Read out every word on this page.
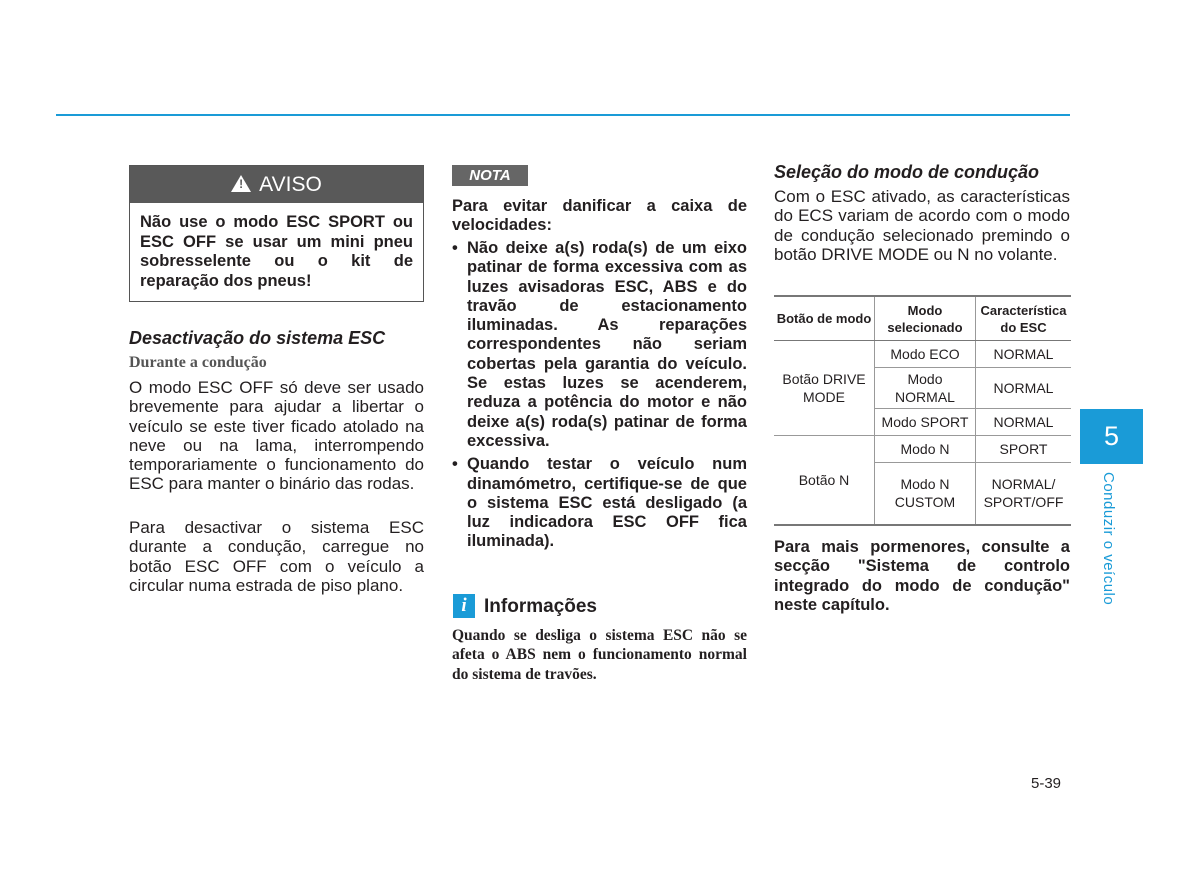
! AVISO
Não use o modo ESC SPORT ou ESC OFF se usar um mini pneu sobresselente ou o kit de reparação dos pneus!
Desactivação do sistema ESC
Durante a condução

O modo ESC OFF só deve ser usado brevemente para ajudar a libertar o veículo se este tiver ficado atolado na neve ou na lama, interrompendo temporariamente o funcionamento do ESC para manter o binário das rodas.

Para desactivar o sistema ESC durante a condução, carregue no botão ESC OFF com o veículo a circular numa estrada de piso plano.

NOTA

Para evitar danificar a caixa de velocidades:

• Não deixe a(s) roda(s) de um eixo patinar de forma excessiva com as luzes avisadoras ESC, ABS e do travão de estacionamento iluminadas. As reparações correspondentes não seriam cobertas pela garantia do veículo. Se estas luzes se acenderem, reduza a potência do motor e não deixe a(s) roda(s) patinar de forma excessiva.
• Quando testar o veículo num dinamómetro, certifique-se de que o sistema ESC está desligado (a luz indicadora ESC OFF fica iluminada).
i Informações

Quando se desliga o sistema ESC não se afeta o ABS nem o funcionamento normal do sistema de travões.

Seleção do modo de condução

Com o ESC ativado, as características do ECS variam de acordo com o modo de condução selecionado premindo o botão DRIVE MODE ou N no volante.

Botão de modo	Modo selecionado	Característica do ESC
Botão DRIVE MODE	Modo ECO	NORMAL
	Modo NORMAL	NORMAL
	Modo SPORT	NORMAL
Botão N	Modo N	SPORT
	Modo N CUSTOM	NORMAL/ SPORT/OFF

Para mais pormenores, consulte a secção "Sistema de controlo integrado do modo de condução" neste capítulo.

5
Conduzir o veículo
5-39
